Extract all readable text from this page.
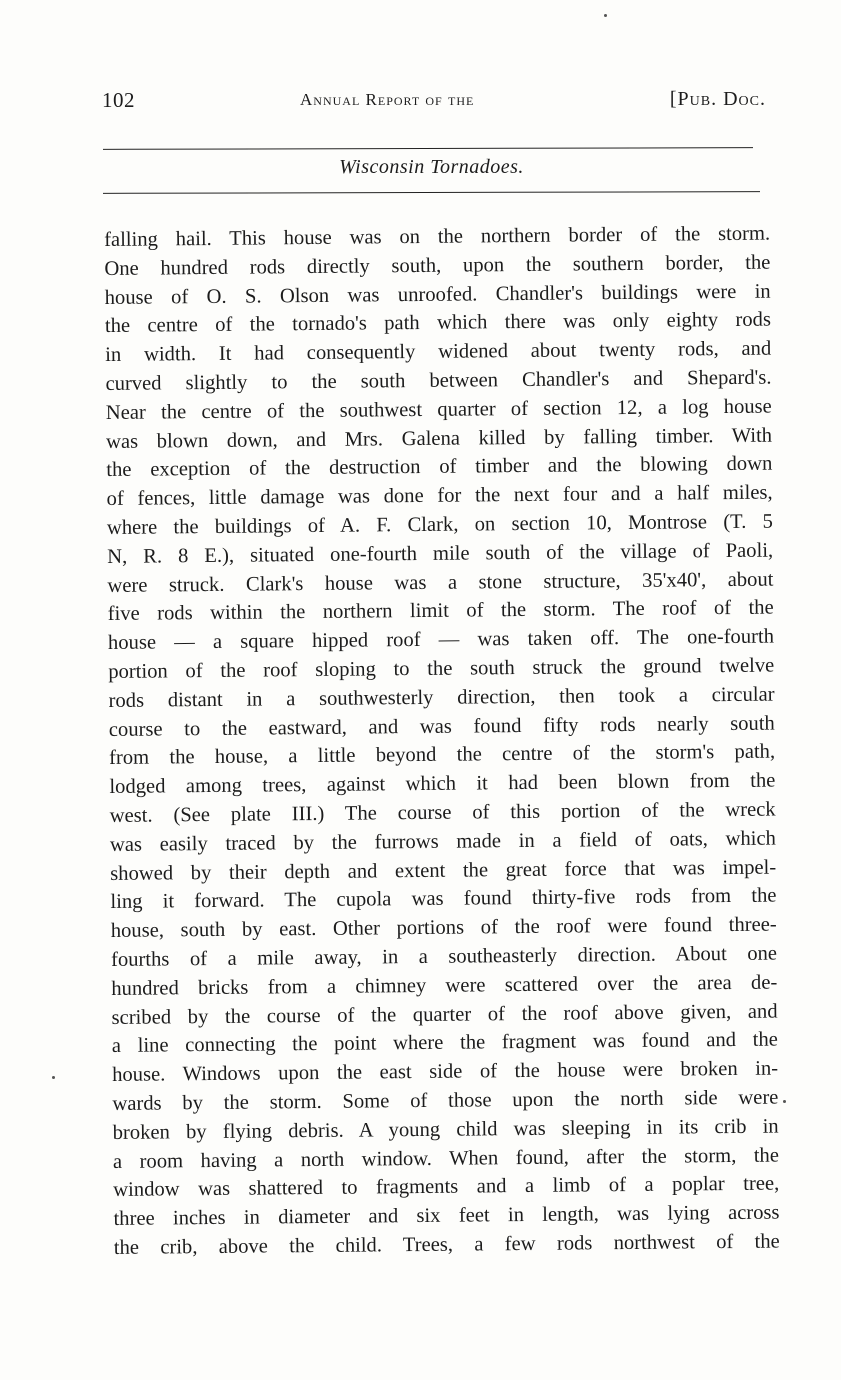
102	Annual Report of the	[Pub. Doc.
Wisconsin Tornadoes.
falling hail. This house was on the northern border of the storm.
One hundred rods directly south, upon the southern border, the
house of O. S. Olson was unroofed. Chandler's buildings were in
the centre of the tornado's path which there was only eighty rods
in width. It had consequently widened about twenty rods, and
curved slightly to the south between Chandler's and Shepard's.
Near the centre of the southwest quarter of section 12, a log house
was blown down, and Mrs. Galena killed by falling timber. With
the exception of the destruction of timber and the blowing down
of fences, little damage was done for the next four and a half miles,
where the buildings of A. F. Clark, on section 10, Montrose (T. 5
N, R. 8 E.), situated one-fourth mile south of the village of Paoli,
were struck. Clark's house was a stone structure, 35'x40', about
five rods within the northern limit of the storm. The roof of the
house — a square hipped roof — was taken off. The one-fourth
portion of the roof sloping to the south struck the ground twelve
rods distant in a southwesterly direction, then took a circular
course to the eastward, and was found fifty rods nearly south
from the house, a little beyond the centre of the storm's path,
lodged among trees, against which it had been blown from the
west. (See plate III.) The course of this portion of the wreck
was easily traced by the furrows made in a field of oats, which
showed by their depth and extent the great force that was impel-
ling it forward. The cupola was found thirty-five rods from the
house, south by east. Other portions of the roof were found three-
fourths of a mile away, in a southeasterly direction. About one
hundred bricks from a chimney were scattered over the area de-
scribed by the course of the quarter of the roof above given, and
a line connecting the point where the fragment was found and the
house. Windows upon the east side of the house were broken in-
wards by the storm. Some of those upon the north side were
broken by flying debris. A young child was sleeping in its crib in
a room having a north window. When found, after the storm, the
window was shattered to fragments and a limb of a poplar tree,
three inches in diameter and six feet in length, was lying across
the crib, above the child. Trees, a few rods northwest of the
